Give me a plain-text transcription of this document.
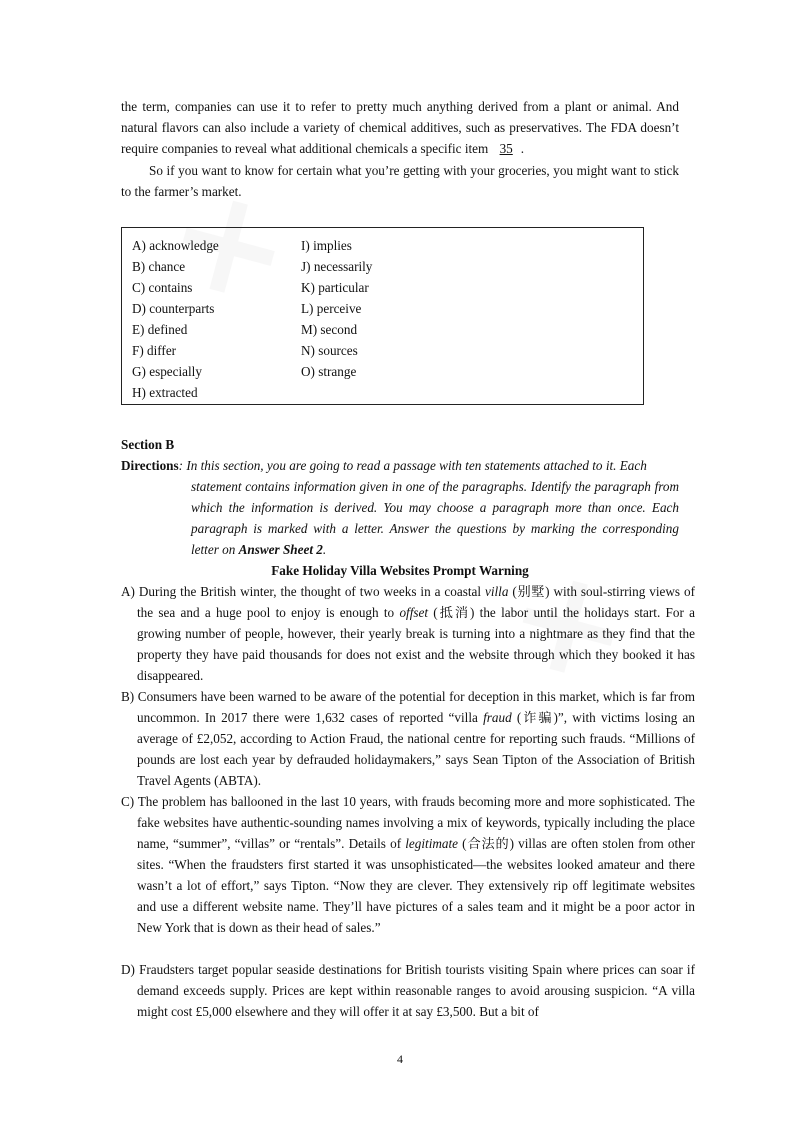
the term, companies can use it to refer to pretty much anything derived from a plant or animal. And natural flavors can also include a variety of chemical additives, such as preservatives. The FDA doesn’t require companies to reveal what additional chemicals a specific item 35 .

So if you want to know for certain what you’re getting with your groceries, you might want to stick to the farmer’s market.

A) acknowledge
B) chance
C) contains
D) counterparts
E) defined
F) differ
G) especially
H) extracted
I) implies
J) necessarily
K) particular
L) perceive
M) second
N) sources
O) strange
Section B
Directions: In this section, you are going to read a passage with ten statements attached to it. Each

statement contains information given in one of the paragraphs. Identify the paragraph from which the information is derived. You may choose a paragraph more than once. Each paragraph is marked with a letter. Answer the questions by marking the corresponding letter on Answer Sheet 2.

Fake Holiday Villa Websites Prompt Warning

A) During the British winter, the thought of two weeks in a coastal villa (别墅) with soul-stirring views of the sea and a huge pool to enjoy is enough to offset (抵消) the labor until the holidays start. For a growing number of people, however, their yearly break is turning into a nightmare as they find that the property they have paid thousands for does not exist and the website through which they booked it has disappeared.

B) Consumers have been warned to be aware of the potential for deception in this market, which is far from uncommon. In 2017 there were 1,632 cases of reported “villa fraud (诈骗)”, with victims losing an average of £2,052, according to Action Fraud, the national centre for reporting such frauds. “Millions of pounds are lost each year by defrauded holidaymakers,” says Sean Tipton of the Association of British Travel Agents (ABTA).

C) The problem has ballooned in the last 10 years, with frauds becoming more and more sophisticated. The fake websites have authentic-sounding names involving a mix of keywords, typically including the place name, “summer”, “villas” or “rentals”. Details of legitimate (合法的) villas are often stolen from other sites. “When the fraudsters first started it was unsophisticated—the websites looked amateur and there wasn’t a lot of effort,” says Tipton. “Now they are clever. They extensively rip off legitimate websites and use a different website name. They’ll have pictures of a sales team and it might be a poor actor in New York that is down as their head of sales.”

D) Fraudsters target popular seaside destinations for British tourists visiting Spain where prices can soar if demand exceeds supply. Prices are kept within reasonable ranges to avoid arousing suspicion. “A villa might cost £5,000 elsewhere and they will offer it at say £3,500. But a bit of

4
